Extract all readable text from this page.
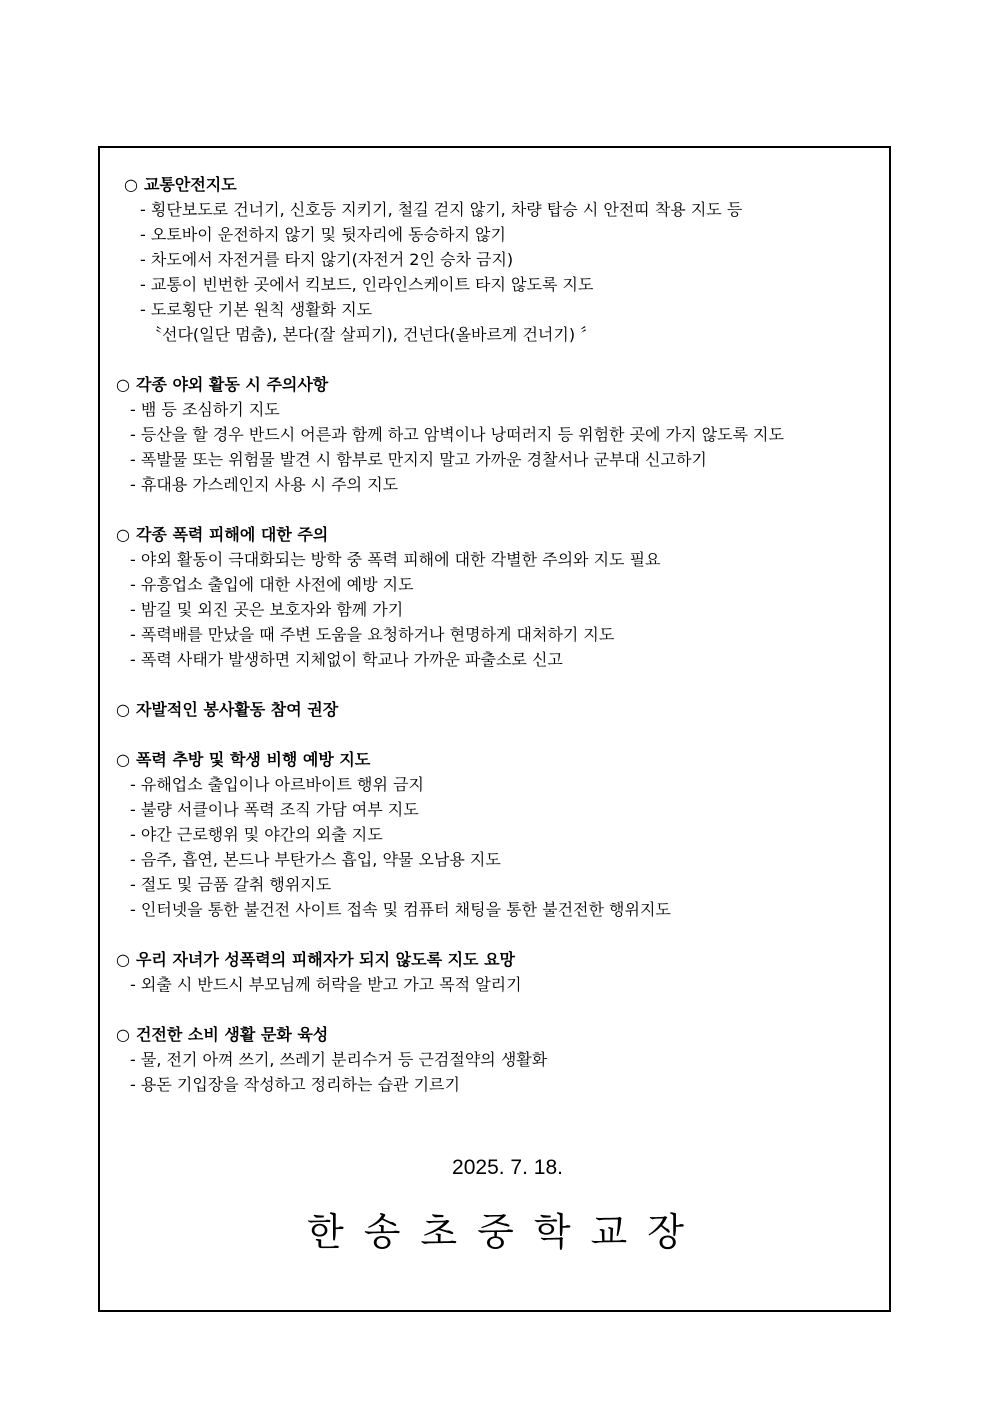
○ 교통안전지도
- 횡단보도로 건너기, 신호등 지키기, 철길 걷지 않기, 차량 탑승 시 안전띠 착용 지도 등
- 오토바이 운전하지 않기 및 뒷자리에 동승하지 않기
- 차도에서 자전거를 타지 않기(자전거 2인 승차 금지)
- 교통이 빈번한 곳에서 킥보드, 인라인스케이트 타지 않도록 지도
- 도로횡단 기본 원칙 생활화 지도
〝선다(일단 멈춤), 본다(잘 살피기), 건넌다(올바르게 건너기) 〞
○ 각종 야외 활동 시 주의사항
- 뱀 등 조심하기 지도
- 등산을 할 경우 반드시 어른과 함께 하고 암벽이나 낭떠러지 등 위험한 곳에 가지 않도록 지도
- 폭발물 또는 위험물 발견 시 함부로 만지지 말고 가까운 경찰서나 군부대 신고하기
- 휴대용 가스레인지 사용 시 주의 지도
○ 각종 폭력 피해에 대한 주의
- 야외 활동이 극대화되는 방학 중 폭력 피해에 대한 각별한 주의와 지도 필요
- 유흥업소 출입에 대한 사전에 예방 지도
- 밤길 및 외진 곳은 보호자와 함께 가기
- 폭력배를 만났을 때 주변 도움을 요청하거나 현명하게 대처하기 지도
- 폭력 사태가 발생하면 지체없이 학교나 가까운 파출소로 신고
○ 자발적인 봉사활동 참여 권장
○ 폭력 추방 및 학생 비행 예방 지도
- 유해업소 출입이나 아르바이트 행위 금지
- 불량 서클이나 폭력 조직 가담 여부 지도
- 야간 근로행위 및 야간의 외출 지도
- 음주, 흡연, 본드나 부탄가스 흡입, 약물 오남용 지도
- 절도 및 금품 갈취 행위지도
- 인터넷을 통한 불건전 사이트 접속 및 컴퓨터 채팅을 통한 불건전한 행위지도
○ 우리 자녀가 성폭력의 피해자가 되지 않도록 지도 요망
- 외출 시 반드시 부모님께 허락을 받고 가고 목적 알리기
○ 건전한 소비 생활 문화 육성
- 물, 전기 아껴 쓰기, 쓰레기 분리수거 등 근검절약의 생활화
- 용돈 기입장을 작성하고 정리하는 습관 기르기
2025. 7. 18.
한송초중학교장
